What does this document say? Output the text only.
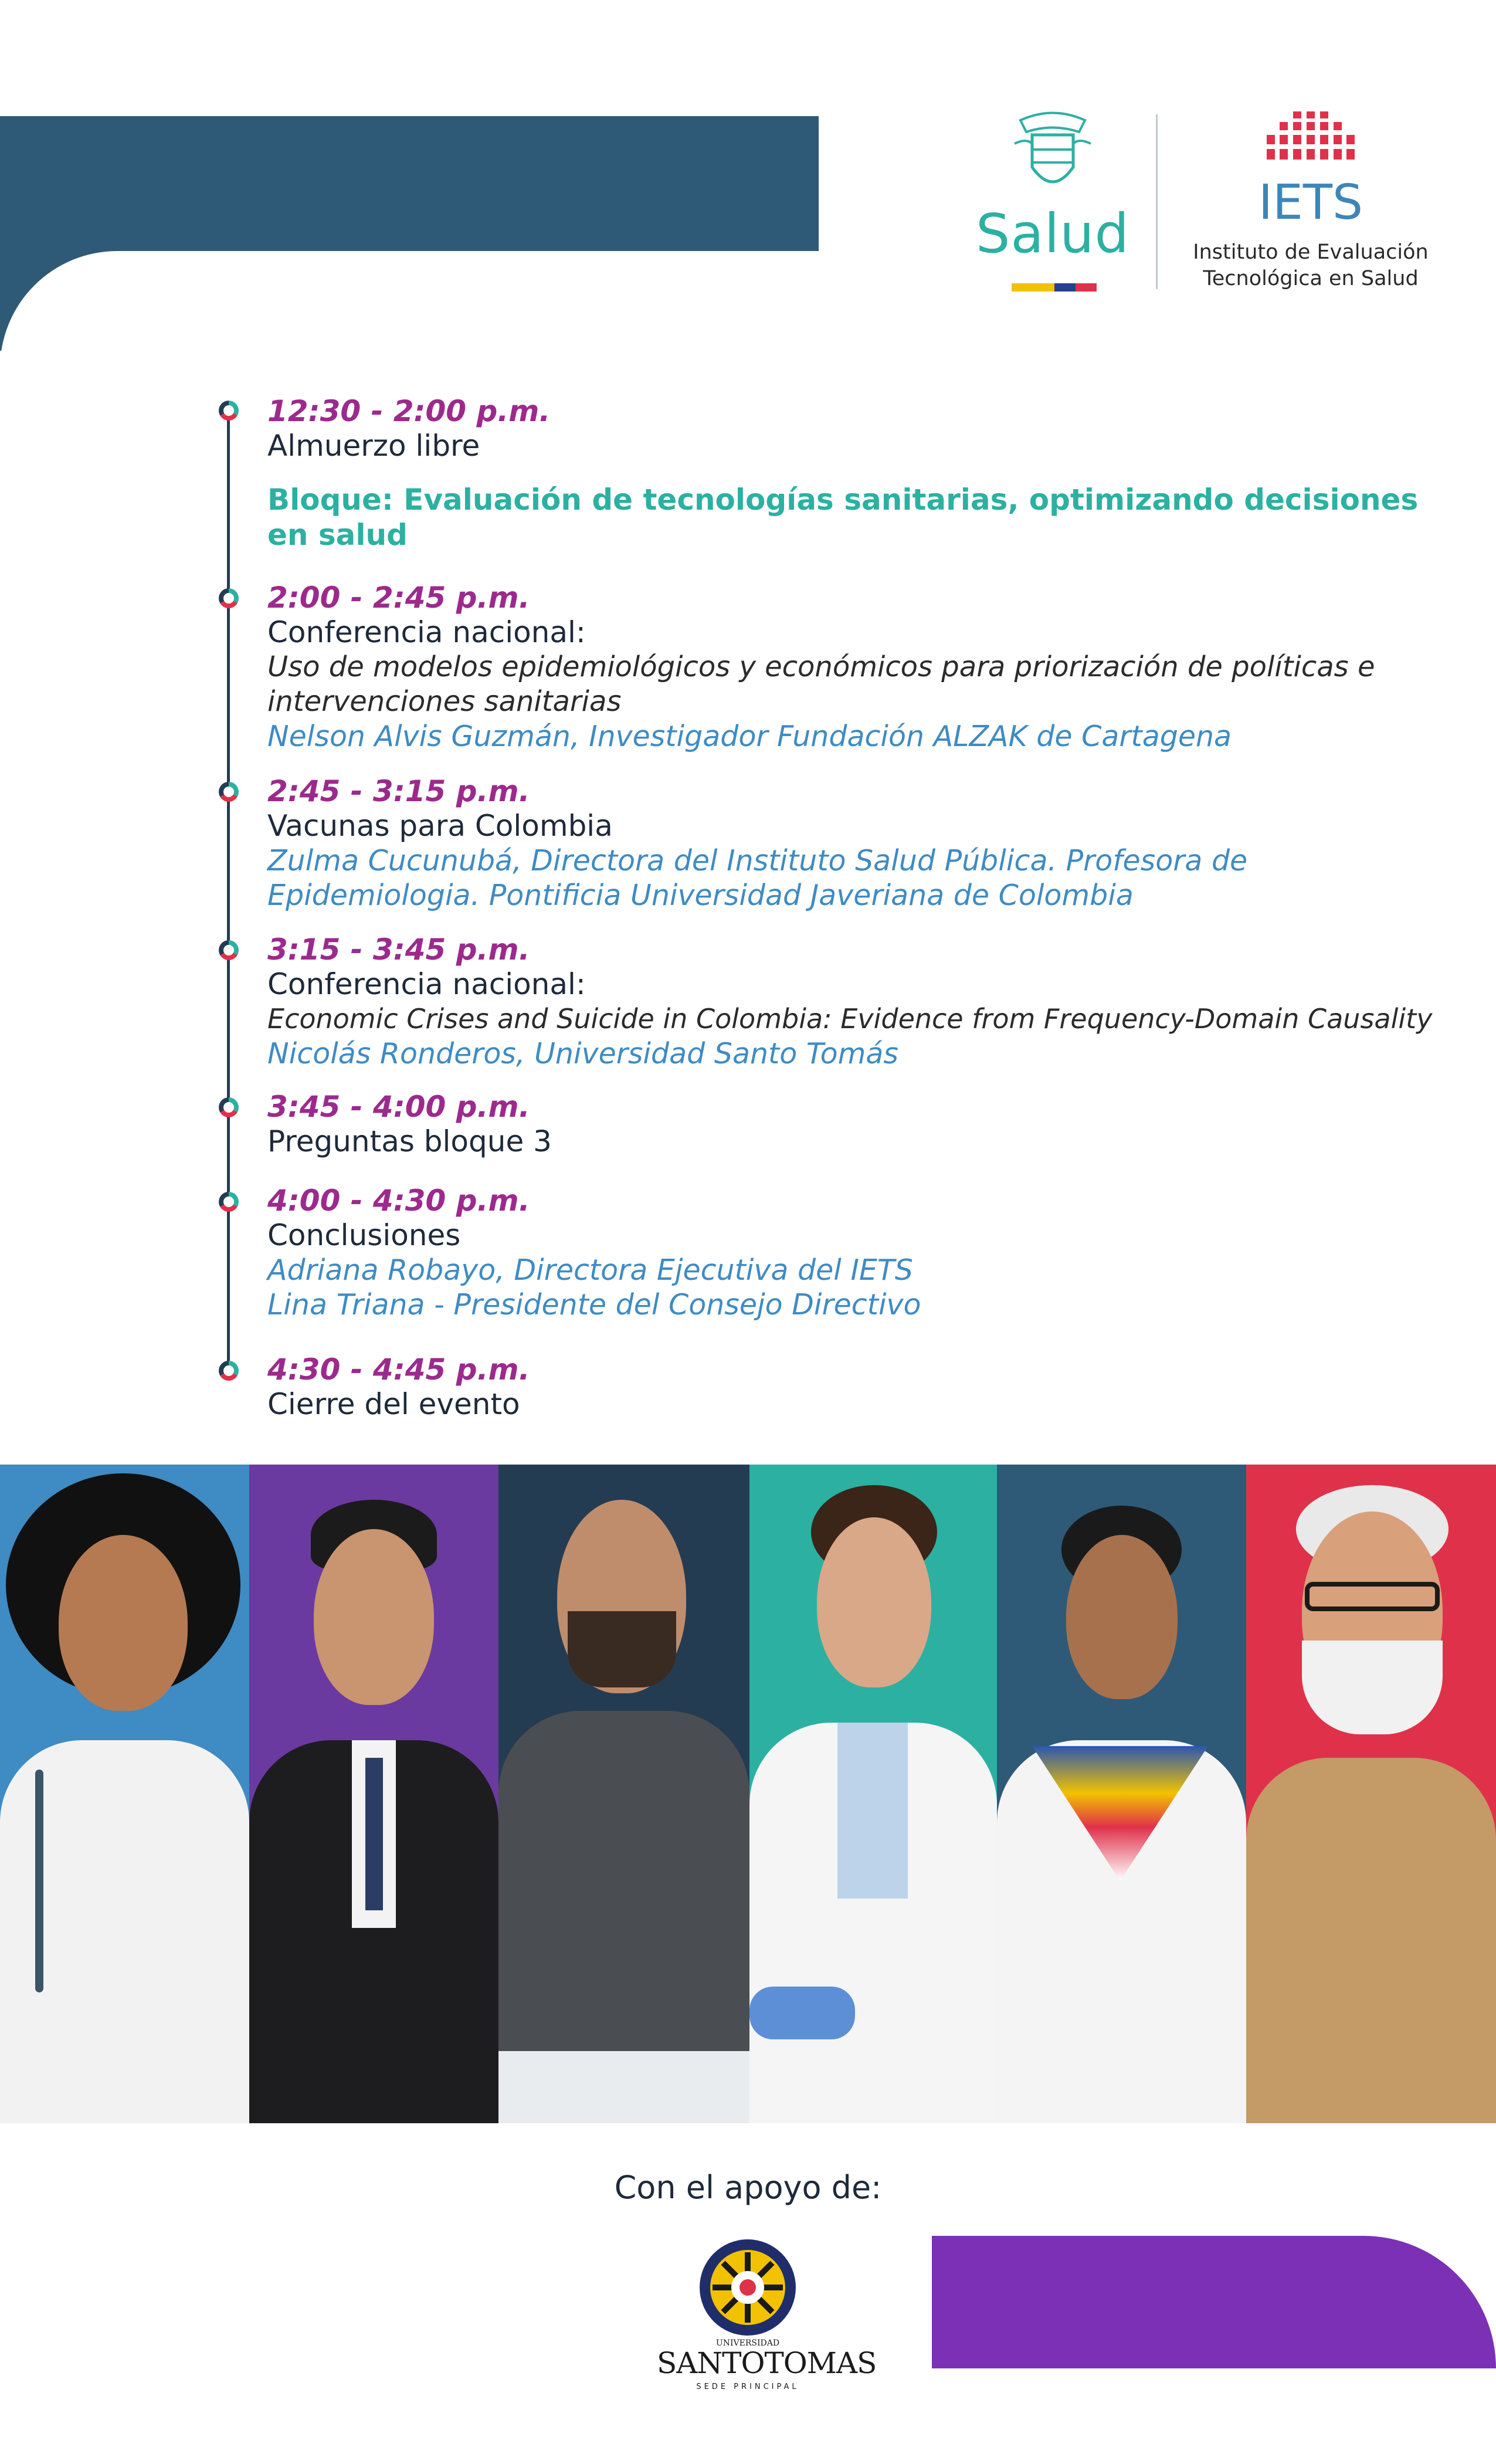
Salud	IETS
Instituto de Evaluación
Tecnológica en Salud
12:30 - 2:00 p.m.
Almuerzo libre
Bloque: Evaluación de tecnologías sanitarias, optimizando decisiones
en salud
2:00 - 2:45 p.m.
Conferencia nacional:
Uso de modelos epidemiológicos y económicos para priorización de políticas e
intervenciones sanitarias
Nelson Alvis Guzmán, Investigador Fundación ALZAK de Cartagena
2:45 - 3:15 p.m.
Vacunas para Colombia
Zulma Cucunubá, Directora del Instituto Salud Pública. Profesora de
Epidemiologia. Pontificia Universidad Javeriana de Colombia
3:15 - 3:45 p.m.
Conferencia nacional:
Economic Crises and Suicide in Colombia: Evidence from Frequency-Domain Causality
Nicolás Ronderos, Universidad Santo Tomás
3:45 - 4:00 p.m.
Preguntas bloque 3
4:00 - 4:30 p.m.
Conclusiones
Adriana Robayo, Directora Ejecutiva del IETS
Lina Triana - Presidente del Consejo Directivo
4:30 - 4:45 p.m.
Cierre del evento
Con el apoyo de:
UNIVERSIDAD
SANTOTOMAS
SEDE PRINCIPAL
